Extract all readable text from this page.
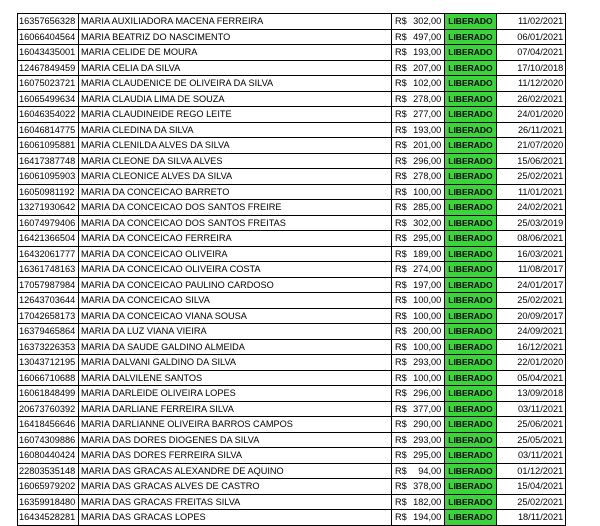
16357656328	MARIA AUXILIADORA MACENA FERREIRA	R$	302,00	LIBERADO	11/02/2021
16066404564	MARIA BEATRIZ DO NASCIMENTO	R$	497,00	LIBERADO	06/01/2021
16043435001	MARIA CELIDE DE MOURA	R$	193,00	LIBERADO	07/04/2021
12467849459	MARIA CELIA DA SILVA	R$	207,00	LIBERADO	17/10/2018
16075023721	MARIA CLAUDENICE DE OLIVEIRA DA SILVA	R$	102,00	LIBERADO	11/12/2020
16065499634	MARIA CLAUDIA LIMA DE SOUZA	R$	278,00	LIBERADO	26/02/2021
16046354022	MARIA CLAUDINEIDE REGO LEITE	R$	277,00	LIBERADO	24/01/2020
16046814775	MARIA CLEDINA DA SILVA	R$	193,00	LIBERADO	26/11/2021
16061095881	MARIA CLENILDA ALVES DA SILVA	R$	201,00	LIBERADO	21/07/2020
16417387748	MARIA CLEONE DA SILVA ALVES	R$	296,00	LIBERADO	15/06/2021
16061095903	MARIA CLEONICE ALVES DA SILVA	R$	278,00	LIBERADO	25/02/2021
16050981192	MARIA DA CONCEICAO BARRETO	R$	100,00	LIBERADO	11/01/2021
13271930642	MARIA DA CONCEICAO DOS SANTOS FREIRE	R$	285,00	LIBERADO	24/02/2021
16074979406	MARIA DA CONCEICAO DOS SANTOS FREITAS	R$	302,00	LIBERADO	25/03/2019
16421366504	MARIA DA CONCEICAO FERREIRA	R$	295,00	LIBERADO	08/06/2021
16432061777	MARIA DA CONCEICAO OLIVEIRA	R$	189,00	LIBERADO	16/03/2021
16361748163	MARIA DA CONCEICAO OLIVEIRA COSTA	R$	274,00	LIBERADO	11/08/2017
17057987984	MARIA DA CONCEICAO PAULINO CARDOSO	R$	197,00	LIBERADO	24/01/2017
12643703644	MARIA DA CONCEICAO SILVA	R$	100,00	LIBERADO	25/02/2021
17042658173	MARIA DA CONCEICAO VIANA SOUSA	R$	100,00	LIBERADO	20/09/2017
16379465864	MARIA DA LUZ VIANA VIEIRA	R$	200,00	LIBERADO	24/09/2021
16373226353	MARIA DA SAUDE GALDINO ALMEIDA	R$	100,00	LIBERADO	16/12/2021
13043712195	MARIA DALVANI GALDINO DA SILVA	R$	293,00	LIBERADO	22/01/2020
16066710688	MARIA DALVILENE SANTOS	R$	100,00	LIBERADO	05/04/2021
16061848499	MARIA DARLEIDE OLIVEIRA LOPES	R$	296,00	LIBERADO	13/09/2018
20673760392	MARIA DARLIANE FERREIRA SILVA	R$	377,00	LIBERADO	03/11/2021
16418456646	MARIA DARLIANNE OLIVEIRA BARROS CAMPOS	R$	290,00	LIBERADO	25/06/2021
16074309886	MARIA DAS DORES DIOGENES DA SILVA	R$	293,00	LIBERADO	25/05/2021
16080440424	MARIA DAS DORES FERREIRA SILVA	R$	295,00	LIBERADO	03/11/2021
22803535148	MARIA DAS GRACAS ALEXANDRE DE AQUINO	R$	94,00	LIBERADO	01/12/2021
16065979202	MARIA DAS GRACAS ALVES DE CASTRO	R$	378,00	LIBERADO	15/04/2021
16359918480	MARIA DAS GRACAS FREITAS SILVA	R$	182,00	LIBERADO	25/02/2021
16434528281	MARIA DAS GRACAS LOPES	R$	194,00	LIBERADO	18/11/2021
